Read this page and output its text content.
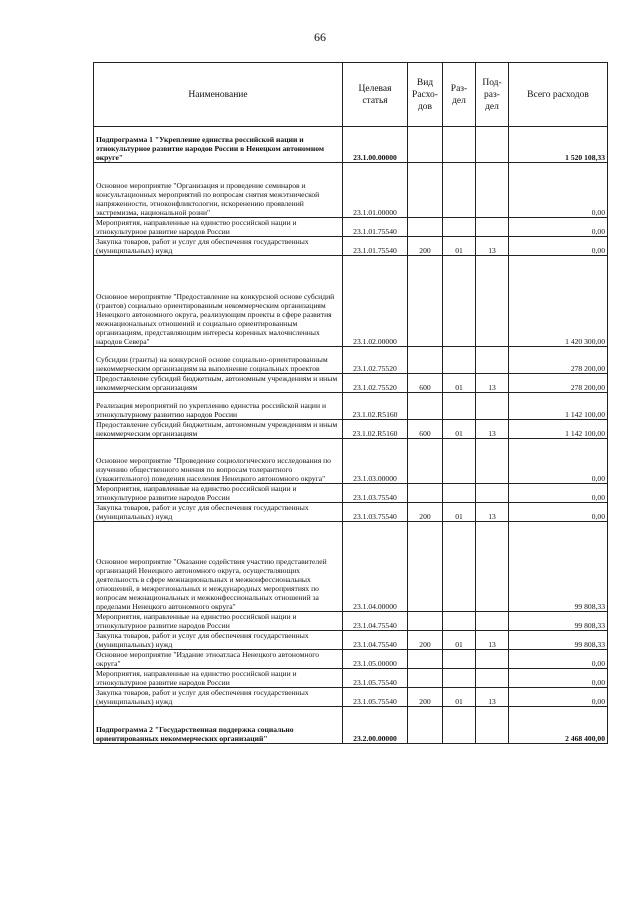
66
Наименование	Целевая статья	Вид Расхо-дов	Раз-дел	Под-раз-дел	Всего расходов
Подпрограмма 1 "Укрепление единства российской нации и этнокультурное развитие народов России в Ненецком автономном округе"	23.1.00.00000				1 520 108,33
Основное мероприятие "Организация и проведение семинаров и консультационных мероприятий по вопросам снятия межэтнической напряженности, этноконфликтологии, искоренению проявлений экстремизма, национальной розни"	23.1.01.00000				0,00
Мероприятия, направленные на единство российской нации и этнокультурное развитие народов России	23.1.01.75540				0,00
Закупка товаров, работ и услуг для обеспечения государственных (муниципальных) нужд	23.1.01.75540	200	01	13	0,00
Основное мероприятие "Предоставление на конкурсной основе субсидий (грантов) социально ориентированным некоммерческим организациям Ненецкого автономного округа, реализующим проекты в сфере развития межнациональных отношений и социально ориентированным организациям, представляющим интересы коренных малочисленных народов Севера"	23.1.02.00000				1 420 300,00
Субсидии (гранты) на конкурсной основе социально-ориентированным некоммерческим организациям на выполнение социальных проектов	23.1.02.75520				278 200,00
Предоставление субсидий бюджетным, автономным учреждениям и иным некоммерческим организациям	23.1.02.75520	600	01	13	278 200,00
Реализация мероприятий по укреплению единства российской нации и этнокультурному развитию народов России	23.1.02.R5160				1 142 100,00
Предоставление субсидий бюджетным, автономным учреждениям и иным некоммерческим организациям	23.1.02.R5160	600	01	13	1 142 100,00
Основное мероприятие "Проведение социологического исследования по изучению общественного мнения по вопросам толерантного (уважительного) поведения населения Ненецкого автономного округа"	23.1.03.00000				0,00
Мероприятия, направленные на единство российской нации и этнокультурное развитие народов России	23.1.03.75540				0,00
Закупка товаров, работ и услуг для обеспечения государственных (муниципальных) нужд	23.1.03.75540	200	01	13	0,00
Основное мероприятие "Оказание содействия участию представителей организаций Ненецкого автономного округа, осуществляющих деятельность в сфере межнациональных и межконфессиональных отношений, в межрегиональных и международных мероприятиях по вопросам межнациональных и межконфессиональных отношений за пределами Ненецкого автономного округа"	23.1.04.00000				99 808,33
Мероприятия, направленные на единство российской нации и этнокультурное развитие народов России	23.1.04.75540				99 808,33
Закупка товаров, работ и услуг для обеспечения государственных (муниципальных) нужд	23.1.04.75540	200	01	13	99 808,33
Основное мероприятие "Издание этноатласа Ненецкого автономного округа"	23.1.05.00000				0,00
Мероприятия, направленные на единство российской нации и этнокультурное развитие народов России	23.1.05.75540				0,00
Закупка товаров, работ и услуг для обеспечения государственных (муниципальных) нужд	23.1.05.75540	200	01	13	0,00
Подпрограмма 2 "Государственная поддержка социально ориентированных некоммерческих организаций"	23.2.00.00000				2 468 400,00
